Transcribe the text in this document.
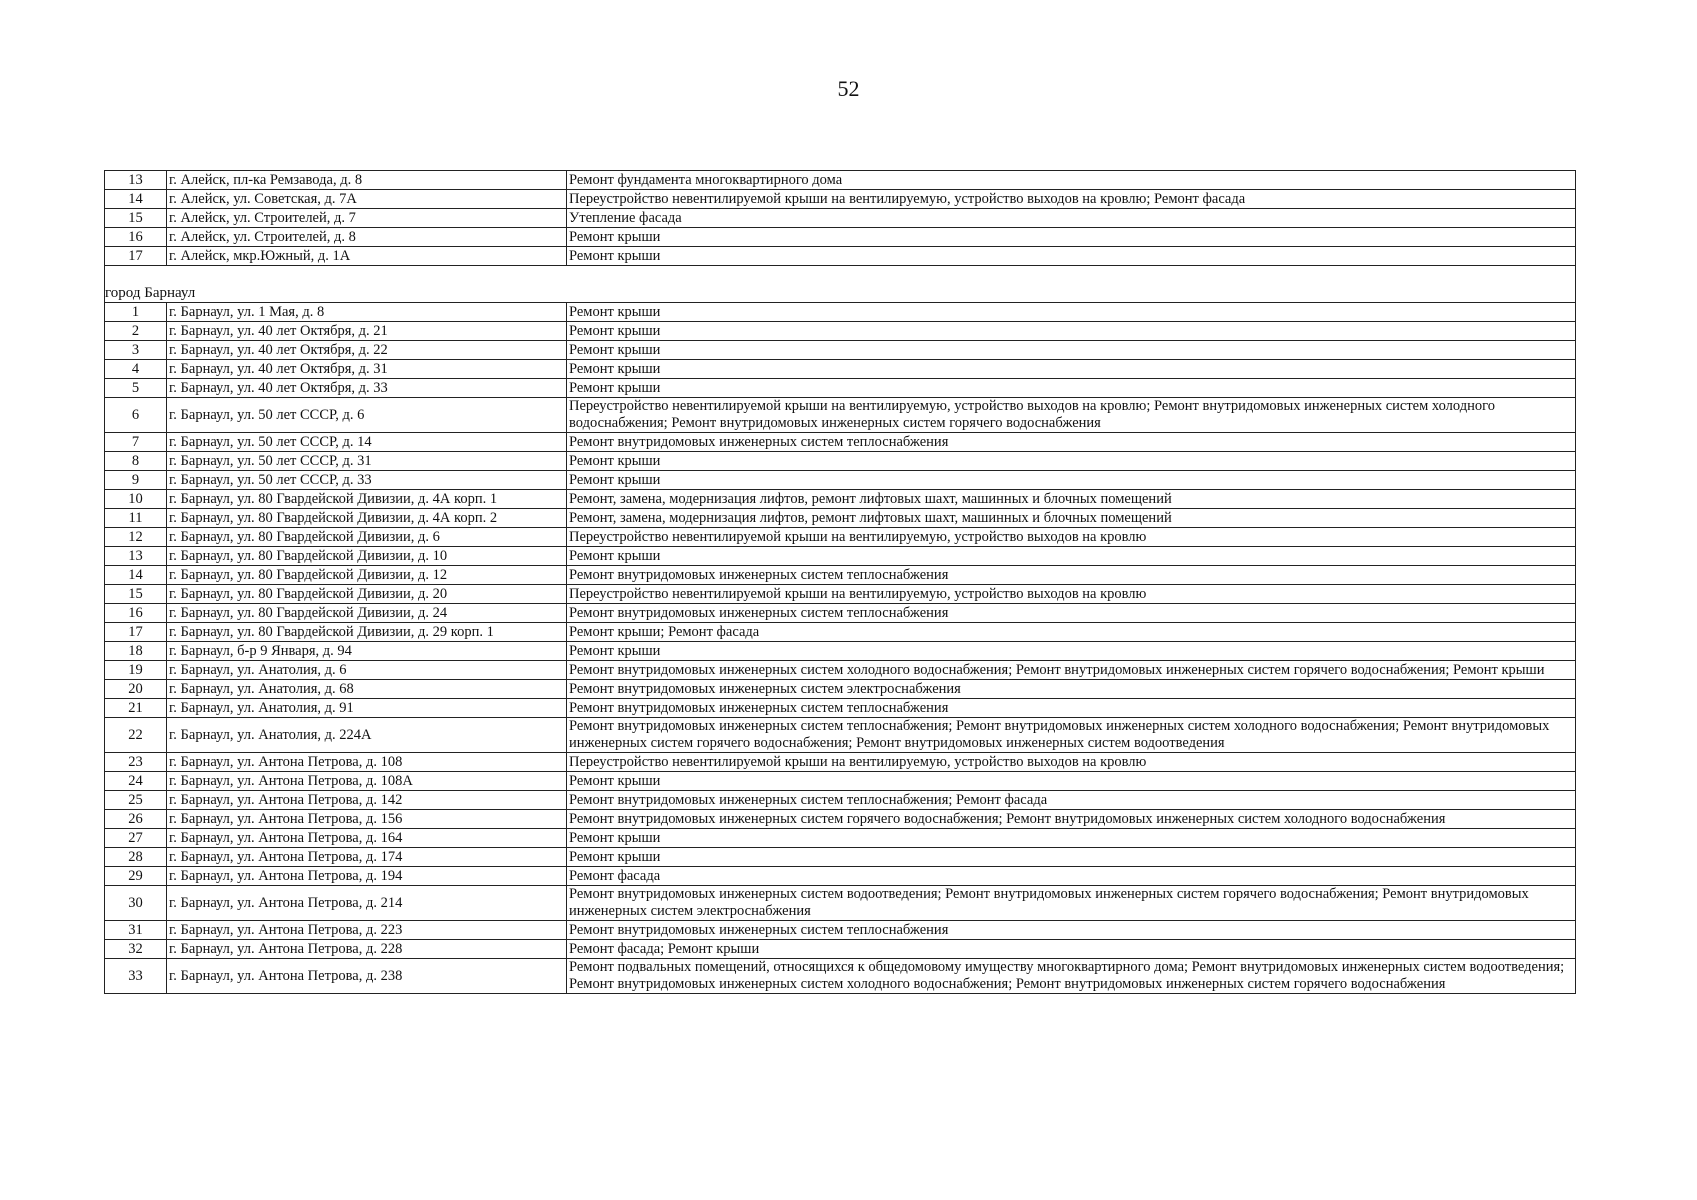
52
13	г. Алейск, пл-ка Ремзавода, д. 8	Ремонт фундамента многоквартирного дома
14	г. Алейск, ул. Советская, д. 7А	Переустройство невентилируемой крыши на вентилируемую, устройство выходов на кровлю; Ремонт фасада
15	г. Алейск, ул. Строителей, д. 7	Утепление фасада
16	г. Алейск, ул. Строителей, д. 8	Ремонт крыши
17	г. Алейск, мкр.Южный, д. 1А	Ремонт крыши
город Барнаул		
1	г. Барнаул, ул. 1 Мая, д. 8	Ремонт крыши
2	г. Барнаул, ул. 40 лет Октября, д. 21	Ремонт крыши
3	г. Барнаул, ул. 40 лет Октября, д. 22	Ремонт крыши
4	г. Барнаул, ул. 40 лет Октября, д. 31	Ремонт крыши
5	г. Барнаул, ул. 40 лет Октября, д. 33	Ремонт крыши
6	г. Барнаул, ул. 50 лет СССР, д. 6	Переустройство невентилируемой крыши на вентилируемую, устройство выходов на кровлю; Ремонт внутридомовых инженерных систем холодного водоснабжения; Ремонт внутридомовых инженерных систем горячего водоснабжения
7	г. Барнаул, ул. 50 лет СССР, д. 14	Ремонт внутридомовых инженерных систем теплоснабжения
8	г. Барнаул, ул. 50 лет СССР, д. 31	Ремонт крыши
9	г. Барнаул, ул. 50 лет СССР, д. 33	Ремонт крыши
10	г. Барнаул, ул. 80 Гвардейской Дивизии, д. 4А корп. 1	Ремонт, замена, модернизация лифтов, ремонт лифтовых шахт, машинных и блочных помещений
11	г. Барнаул, ул. 80 Гвардейской Дивизии, д. 4А корп. 2	Ремонт, замена, модернизация лифтов, ремонт лифтовых шахт, машинных и блочных помещений
12	г. Барнаул, ул. 80 Гвардейской Дивизии, д. 6	Переустройство невентилируемой крыши на вентилируемую, устройство выходов на кровлю
13	г. Барнаул, ул. 80 Гвардейской Дивизии, д. 10	Ремонт крыши
14	г. Барнаул, ул. 80 Гвардейской Дивизии, д. 12	Ремонт внутридомовых инженерных систем теплоснабжения
15	г. Барнаул, ул. 80 Гвардейской Дивизии, д. 20	Переустройство невентилируемой крыши на вентилируемую, устройство выходов на кровлю
16	г. Барнаул, ул. 80 Гвардейской Дивизии, д. 24	Ремонт внутридомовых инженерных систем теплоснабжения
17	г. Барнаул, ул. 80 Гвардейской Дивизии, д. 29 корп. 1	Ремонт крыши; Ремонт фасада
18	г. Барнаул, б-р 9 Января, д. 94	Ремонт крыши
19	г. Барнаул, ул. Анатолия, д. 6	Ремонт внутридомовых инженерных систем холодного водоснабжения; Ремонт внутридомовых инженерных систем горячего водоснабжения; Ремонт крыши
20	г. Барнаул, ул. Анатолия, д. 68	Ремонт внутридомовых инженерных систем электроснабжения
21	г. Барнаул, ул. Анатолия, д. 91	Ремонт внутридомовых инженерных систем теплоснабжения
22	г. Барнаул, ул. Анатолия, д. 224А	Ремонт внутридомовых инженерных систем теплоснабжения; Ремонт внутридомовых инженерных систем холодного водоснабжения; Ремонт внутридомовых инженерных систем горячего водоснабжения; Ремонт внутридомовых инженерных систем водоотведения
23	г. Барнаул, ул. Антона Петрова, д. 108	Переустройство невентилируемой крыши на вентилируемую, устройство выходов на кровлю
24	г. Барнаул, ул. Антона Петрова, д. 108А	Ремонт крыши
25	г. Барнаул, ул. Антона Петрова, д. 142	Ремонт внутридомовых инженерных систем теплоснабжения; Ремонт фасада
26	г. Барнаул, ул. Антона Петрова, д. 156	Ремонт внутридомовых инженерных систем горячего водоснабжения; Ремонт внутридомовых инженерных систем холодного водоснабжения
27	г. Барнаул, ул. Антона Петрова, д. 164	Ремонт крыши
28	г. Барнаул, ул. Антона Петрова, д. 174	Ремонт крыши
29	г. Барнаул, ул. Антона Петрова, д. 194	Ремонт фасада
30	г. Барнаул, ул. Антона Петрова, д. 214	Ремонт внутридомовых инженерных систем водоотведения; Ремонт внутридомовых инженерных систем горячего водоснабжения; Ремонт внутридомовых инженерных систем электроснабжения
31	г. Барнаул, ул. Антона Петрова, д. 223	Ремонт внутридомовых инженерных систем теплоснабжения
32	г. Барнаул, ул. Антона Петрова, д. 228	Ремонт фасада; Ремонт крыши
33	г. Барнаул, ул. Антона Петрова, д. 238	Ремонт подвальных помещений, относящихся к общедомовому имуществу многоквартирного дома; Ремонт внутридомовых инженерных систем водоотведения; Ремонт внутридомовых инженерных систем холодного водоснабжения; Ремонт внутридомовых инженерных систем горячего водоснабжения
